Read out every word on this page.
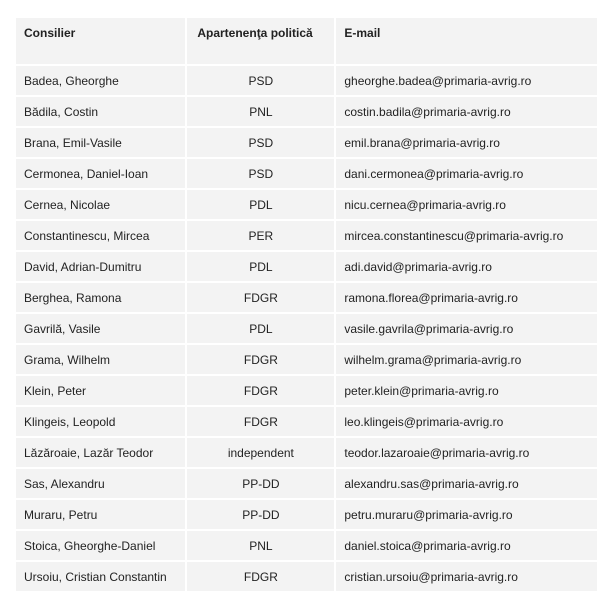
Consilier	Apartenenţa politică	E-mail
Badea, Gheorghe	PSD	gheorghe.badea@primaria-avrig.ro
Bădila, Costin	PNL	costin.badila@primaria-avrig.ro
Brana, Emil-Vasile	PSD	emil.brana@primaria-avrig.ro
Cermonea, Daniel-Ioan	PSD	dani.cermonea@primaria-avrig.ro
Cernea, Nicolae	PDL	nicu.cernea@primaria-avrig.ro
Constantinescu, Mircea	PER	mircea.constantinescu@primaria-avrig.ro
David, Adrian-Dumitru	PDL	adi.david@primaria-avrig.ro
Berghea, Ramona	FDGR	ramona.florea@primaria-avrig.ro
Gavrilă, Vasile	PDL	vasile.gavrila@primaria-avrig.ro
Grama, Wilhelm	FDGR	wilhelm.grama@primaria-avrig.ro
Klein, Peter	FDGR	peter.klein@primaria-avrig.ro
Klingeis, Leopold	FDGR	leo.klingeis@primaria-avrig.ro
Lăzăroaie, Lazăr Teodor	independent	teodor.lazaroaie@primaria-avrig.ro
Sas, Alexandru	PP-DD	alexandru.sas@primaria-avrig.ro
Muraru, Petru	PP-DD	petru.muraru@primaria-avrig.ro
Stoica, Gheorghe-Daniel	PNL	daniel.stoica@primaria-avrig.ro
Ursoiu, Cristian Constantin	FDGR	cristian.ursoiu@primaria-avrig.ro
